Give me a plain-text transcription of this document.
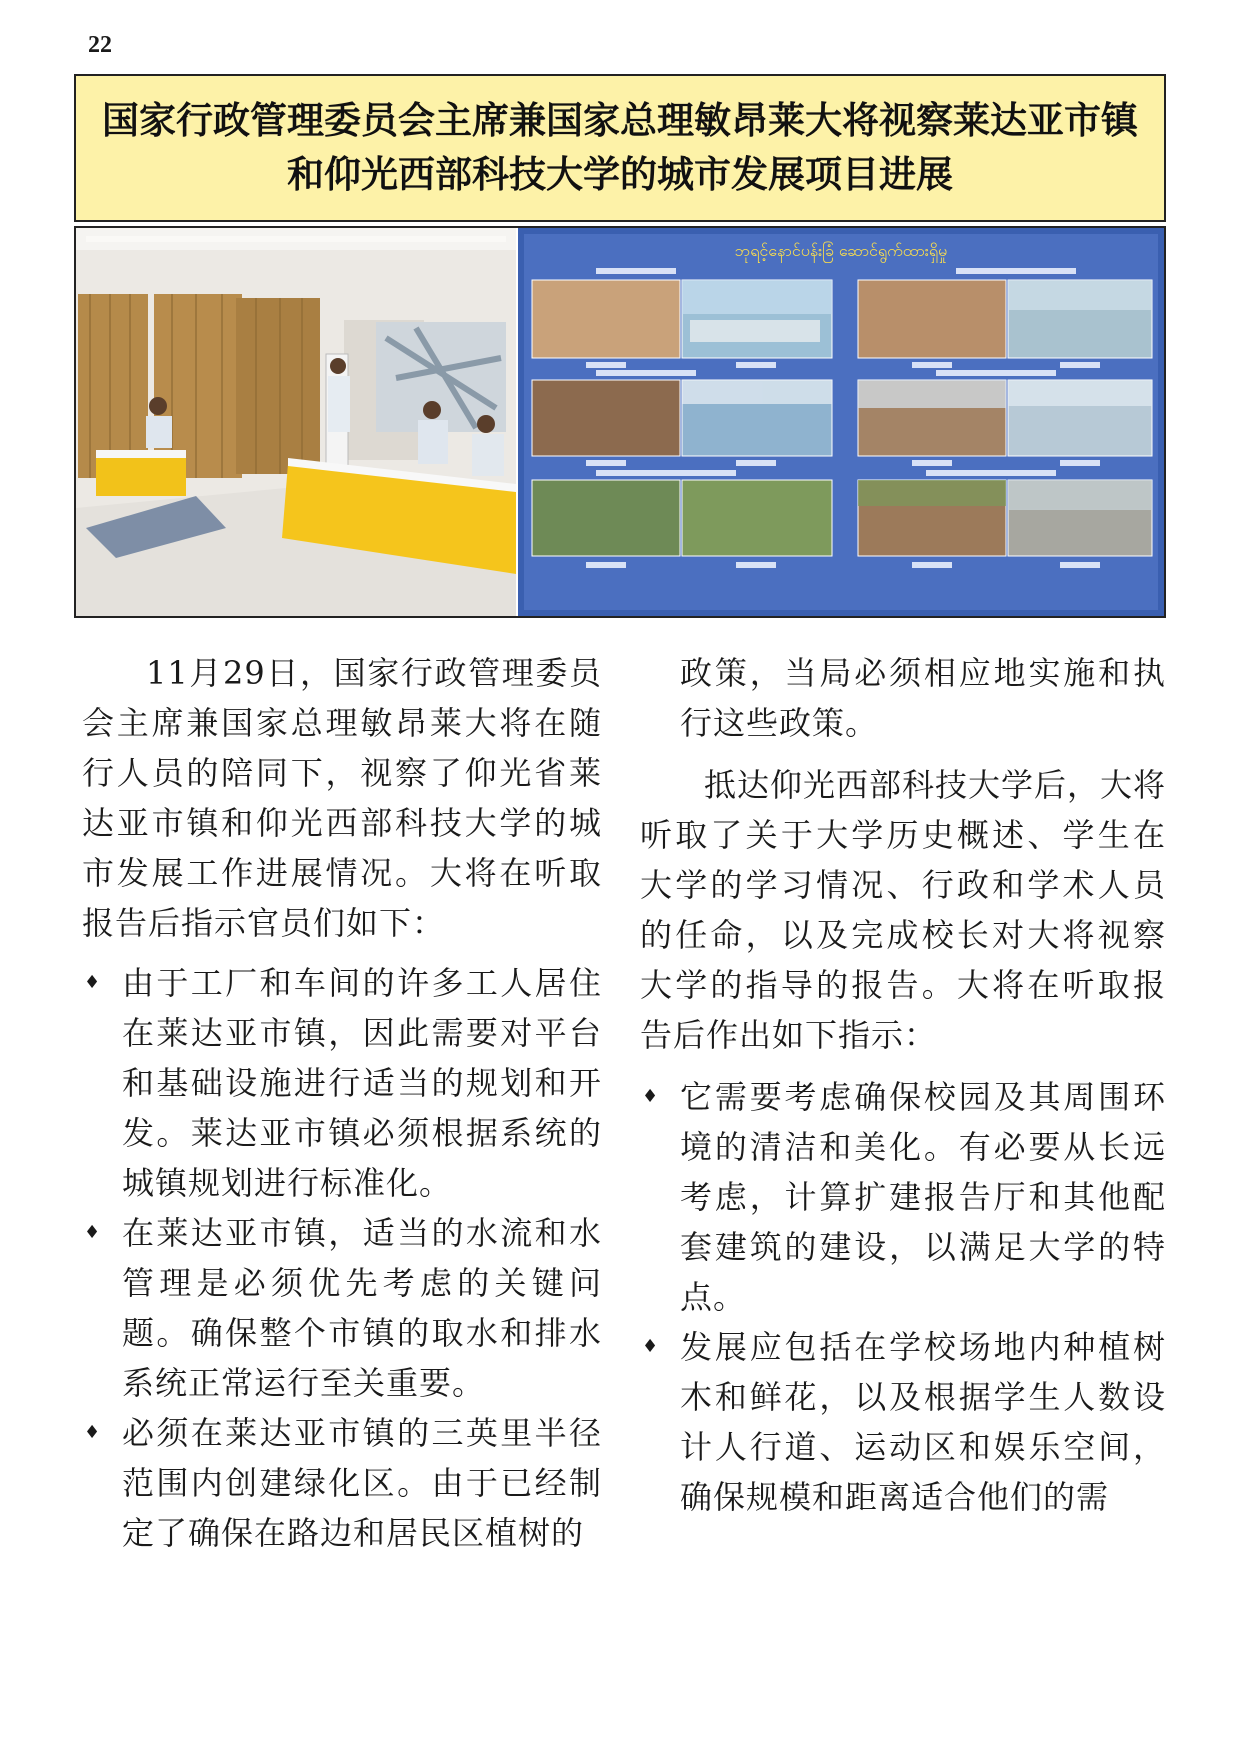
22
国家行政管理委员会主席兼国家总理敏昂莱大将视察莱达亚市镇
和仰光西部科技大学的城市发展项目进展
ဘုရင့်နောင်ပန်းခြံ ဆောင်ရွက်ထားရှိမှု

11月29日，国家行政管理委员会主席兼国家总理敏昂莱大将在随行人员的陪同下，视察了仰光省莱达亚市镇和仰光西部科技大学的城市发展工作进展情况。大将在听取报告后指示官员们如下：

♦ 由于工厂和车间的许多工人居住在莱达亚市镇，因此需要对平台和基础设施进行适当的规划和开发。莱达亚市镇必须根据系统的城镇规划进行标准化。
♦ 在莱达亚市镇，适当的水流和水管理是必须优先考虑的关键问题。确保整个市镇的取水和排水系统正常运行至关重要。
♦ 必须在莱达亚市镇的三英里半径范围内创建绿化区。由于已经制定了确保在路边和居民区植树的

政策，当局必须相应地实施和执行这些政策。

抵达仰光西部科技大学后，大将听取了关于大学历史概述、学生在大学的学习情况、行政和学术人员的任命，以及完成校长对大将视察大学的指导的报告。大将在听取报告后作出如下指示：

♦ 它需要考虑确保校园及其周围环境的清洁和美化。有必要从长远考虑，计算扩建报告厅和其他配套建筑的建设，以满足大学的特点。
♦ 发展应包括在学校场地内种植树木和鲜花，以及根据学生人数设计人行道、运动区和娱乐空间，确保规模和距离适合他们的需
